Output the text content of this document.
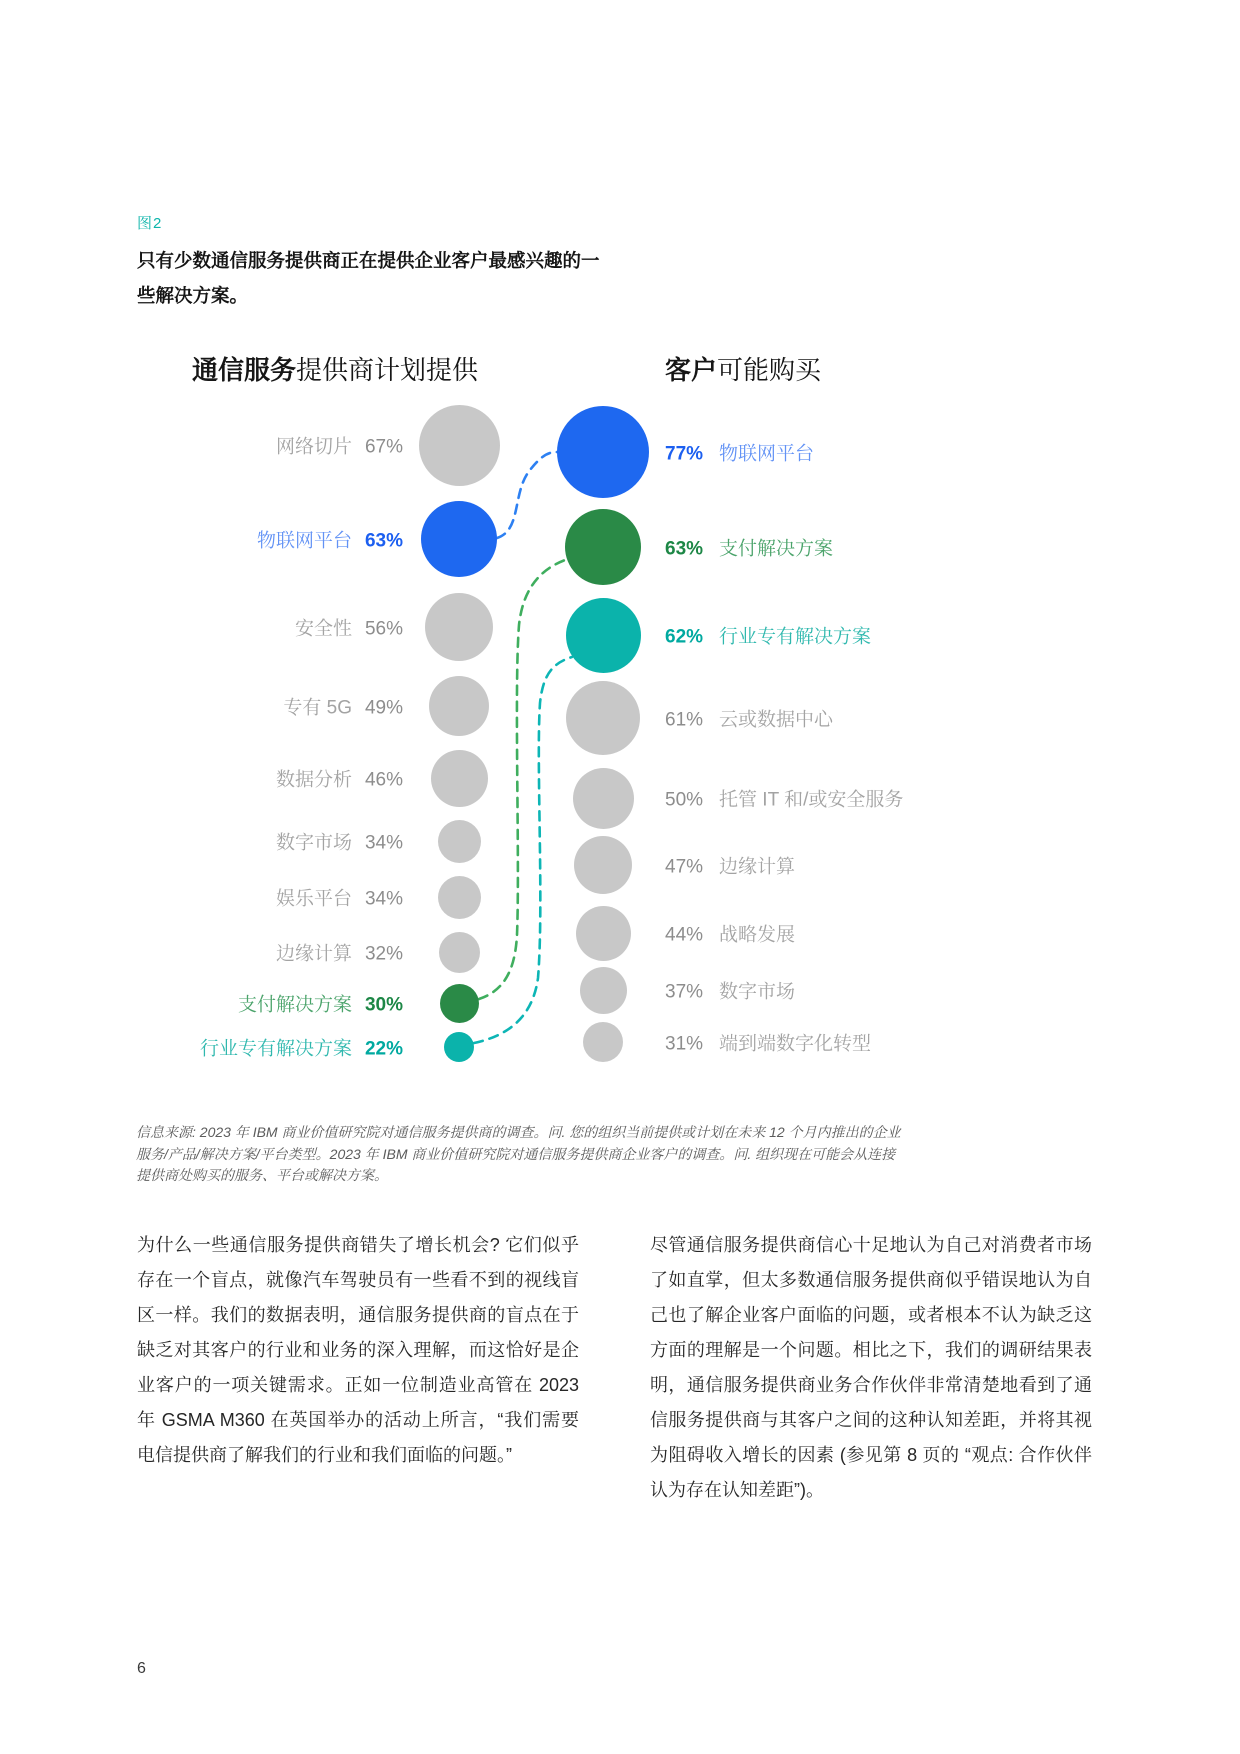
图2
只有少数通信服务提供商正在提供企业客户最感兴趣的一些解决方案。
通信服务提供商计划提供	客户可能购买
网络切片 67%
物联网平台 63%
安全性 56%
专有 5G 49%
数据分析 46%
数字市场 34%
娱乐平台 34%
边缘计算 32%
支付解决方案 30%
行业专有解决方案 22%
77% 物联网平台
63% 支付解决方案
62% 行业专有解决方案
61% 云或数据中心
50% 托管 IT 和/或安全服务
47% 边缘计算
44% 战略发展
37% 数字市场
31% 端到端数字化转型
信息来源: 2023 年 IBM 商业价值研究院对通信服务提供商的调查。问. 您的组织当前提供或计划在未来 12 个月内推出的企业
服务/产品/解决方案/平台类型。2023 年 IBM 商业价值研究院对通信服务提供商企业客户的调查。问. 组织现在可能会从连接
提供商处购买的服务、平台或解决方案。
为什么一些通信服务提供商错失了增长机会? 它们似乎存在一个盲点，就像汽车驾驶员有一些看不到的视线盲区一样。我们的数据表明，通信服务提供商的盲点在于缺乏对其客户的行业和业务的深入理解，而这恰好是企业客户的一项关键需求。正如一位制造业高管在 2023 年 GSMA M360 在英国举办的活动上所言，“我们需要电信提供商了解我们的行业和我们面临的问题。”
尽管通信服务提供商信心十足地认为自己对消费者市场了如直掌，但太多数通信服务提供商似乎错误地认为自己也了解企业客户面临的问题，或者根本不认为缺乏这方面的理解是一个问题。相比之下，我们的调研结果表明，通信服务提供商业务合作伙伴非常清楚地看到了通信服务提供商与其客户之间的这种认知差距，并将其视为阻碍收入增长的因素 (参见第 8 页的 “观点: 合作伙伴认为存在认知差距”)。
6
